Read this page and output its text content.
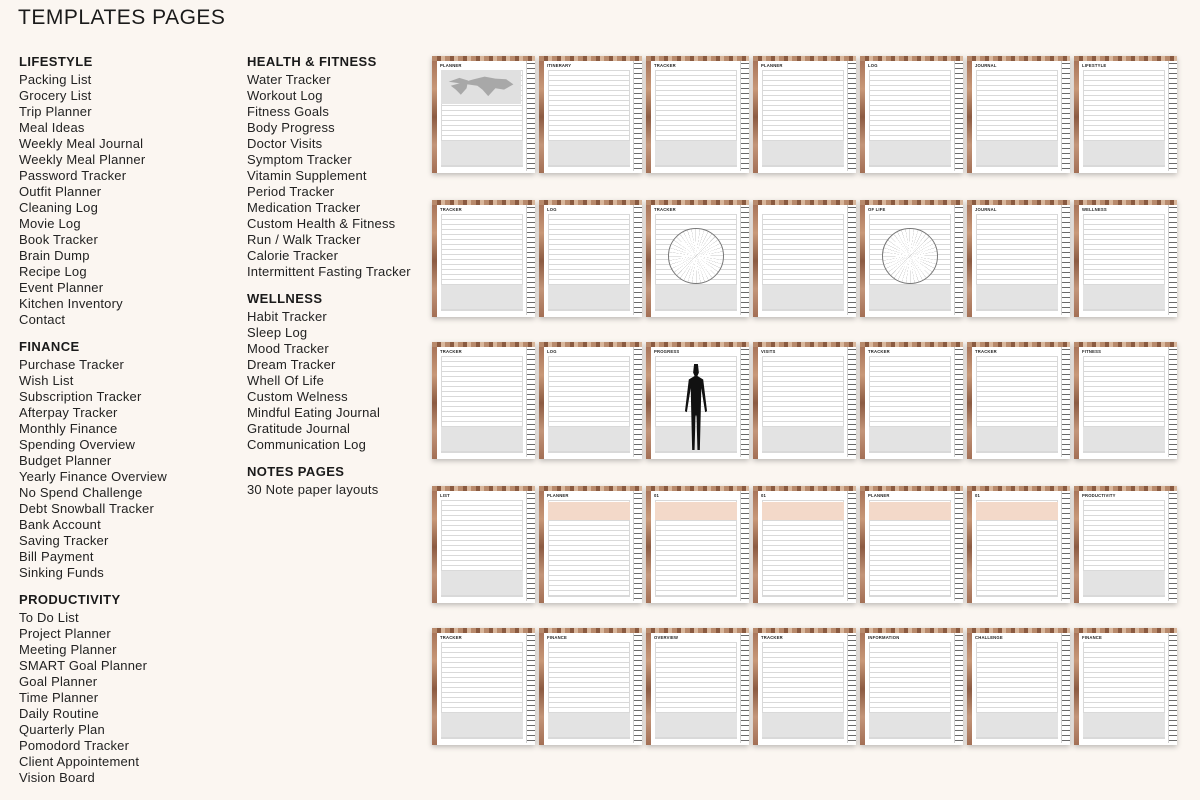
TEMPLATES PAGES
LIFESTYLE
Packing List
Grocery List
Trip Planner
Meal Ideas
Weekly Meal Journal
Weekly Meal Planner
Password Tracker
Outfit Planner
Cleaning Log
Movie Log
Book Tracker
Brain Dump
Recipe Log
Event Planner
Kitchen Inventory
Contact
FINANCE
Purchase Tracker
Wish List
Subscription Tracker
Afterpay Tracker
Monthly Finance
Spending Overview
Budget Planner
Yearly Finance Overview
No Spend Challenge
Debt Snowball Tracker
Bank Account
Saving Tracker
Bill Payment
Sinking Funds
PRODUCTIVITY
To Do List
Project Planner
Meeting Planner
SMART Goal Planner
Goal Planner
Time Planner
Daily Routine
Quarterly Plan
Pomodord Tracker
Client Appointement
Vision Board
HEALTH & FITNESS
Water Tracker
Workout Log
Fitness Goals
Body Progress
Doctor Visits
Symptom Tracker
Vitamin Supplement
Period Tracker
Medication Tracker
Custom Health & Fitness
Run / Walk Tracker
Calorie Tracker
Intermittent Fasting Tracker
WELLNESS
Habit Tracker
Sleep Log
Mood Tracker
Dream Tracker
Whell Of Life
Custom Welness
Mindful Eating Journal
Gratitude Journal
Communication Log
NOTES PAGES
30 Note paper layouts
PLANNER	ITINERARY	TRACKER	PLANNER	LOG	JOURNAL	LIFESTYLE
TRACKER	LOG	TRACKER	OF LIFE	JOURNAL	WELLNESS
TRACKER	LOG	PROGRESS	VISITS	TRACKER	TRACKER	FITNESS
LIST	PLANNER	01	01	PLANNER	01	PRODUCTIVITY
TRACKER	FINANCE	OVERVIEW	TRACKER	INFORMATION	CHALLENGE	FINANCE
